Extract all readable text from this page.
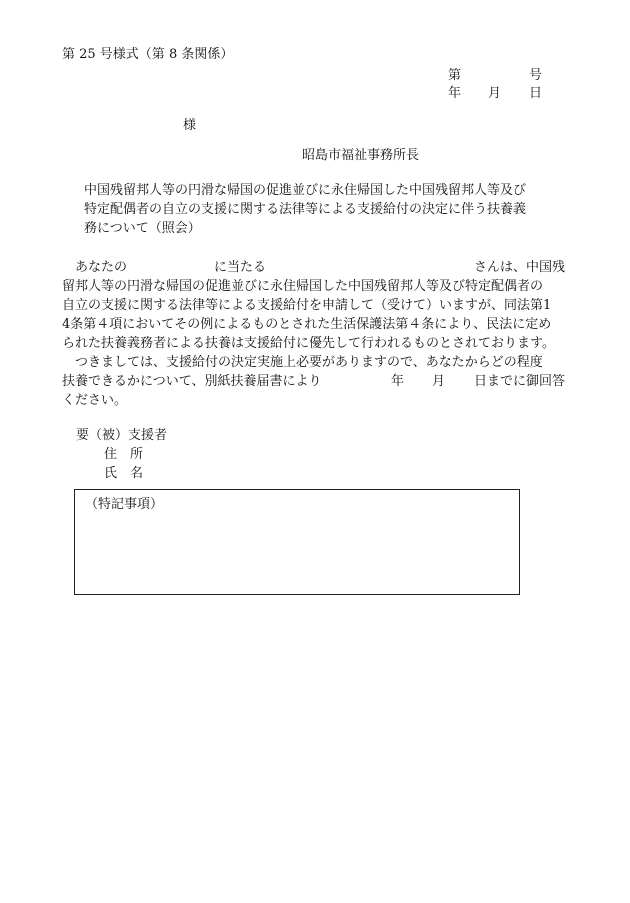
第 25 号様式（第 8 条関係）
第	号
年 月 日
様
昭島市福祉事務所長
中国残留邦人等の円滑な帰国の促進並びに永住帰国した中国残留邦人等及び
特定配偶者の自立の支援に関する法律等による支援給付の決定に伴う扶養義
務について（照会）
あなたの	に当たる	さんは、中国残
留邦人等の円滑な帰国の促進並びに永住帰国した中国残留邦人等及び特定配偶者の
自立の支援に関する法律等による支援給付を申請して（受けて）いますが、同法第1
4条第４項においてその例によるものとされた生活保護法第４条により、民法に定め
られた扶養義務者による扶養は支援給付に優先して行われるものとされております。
つきましては、支援給付の決定実施上必要がありますので、あなたからどの程度
扶養できるかについて、別紙扶養届書により	年 月 日までに御回答
ください。
要（被）支援者
住　所
氏　名
（特記事項）
